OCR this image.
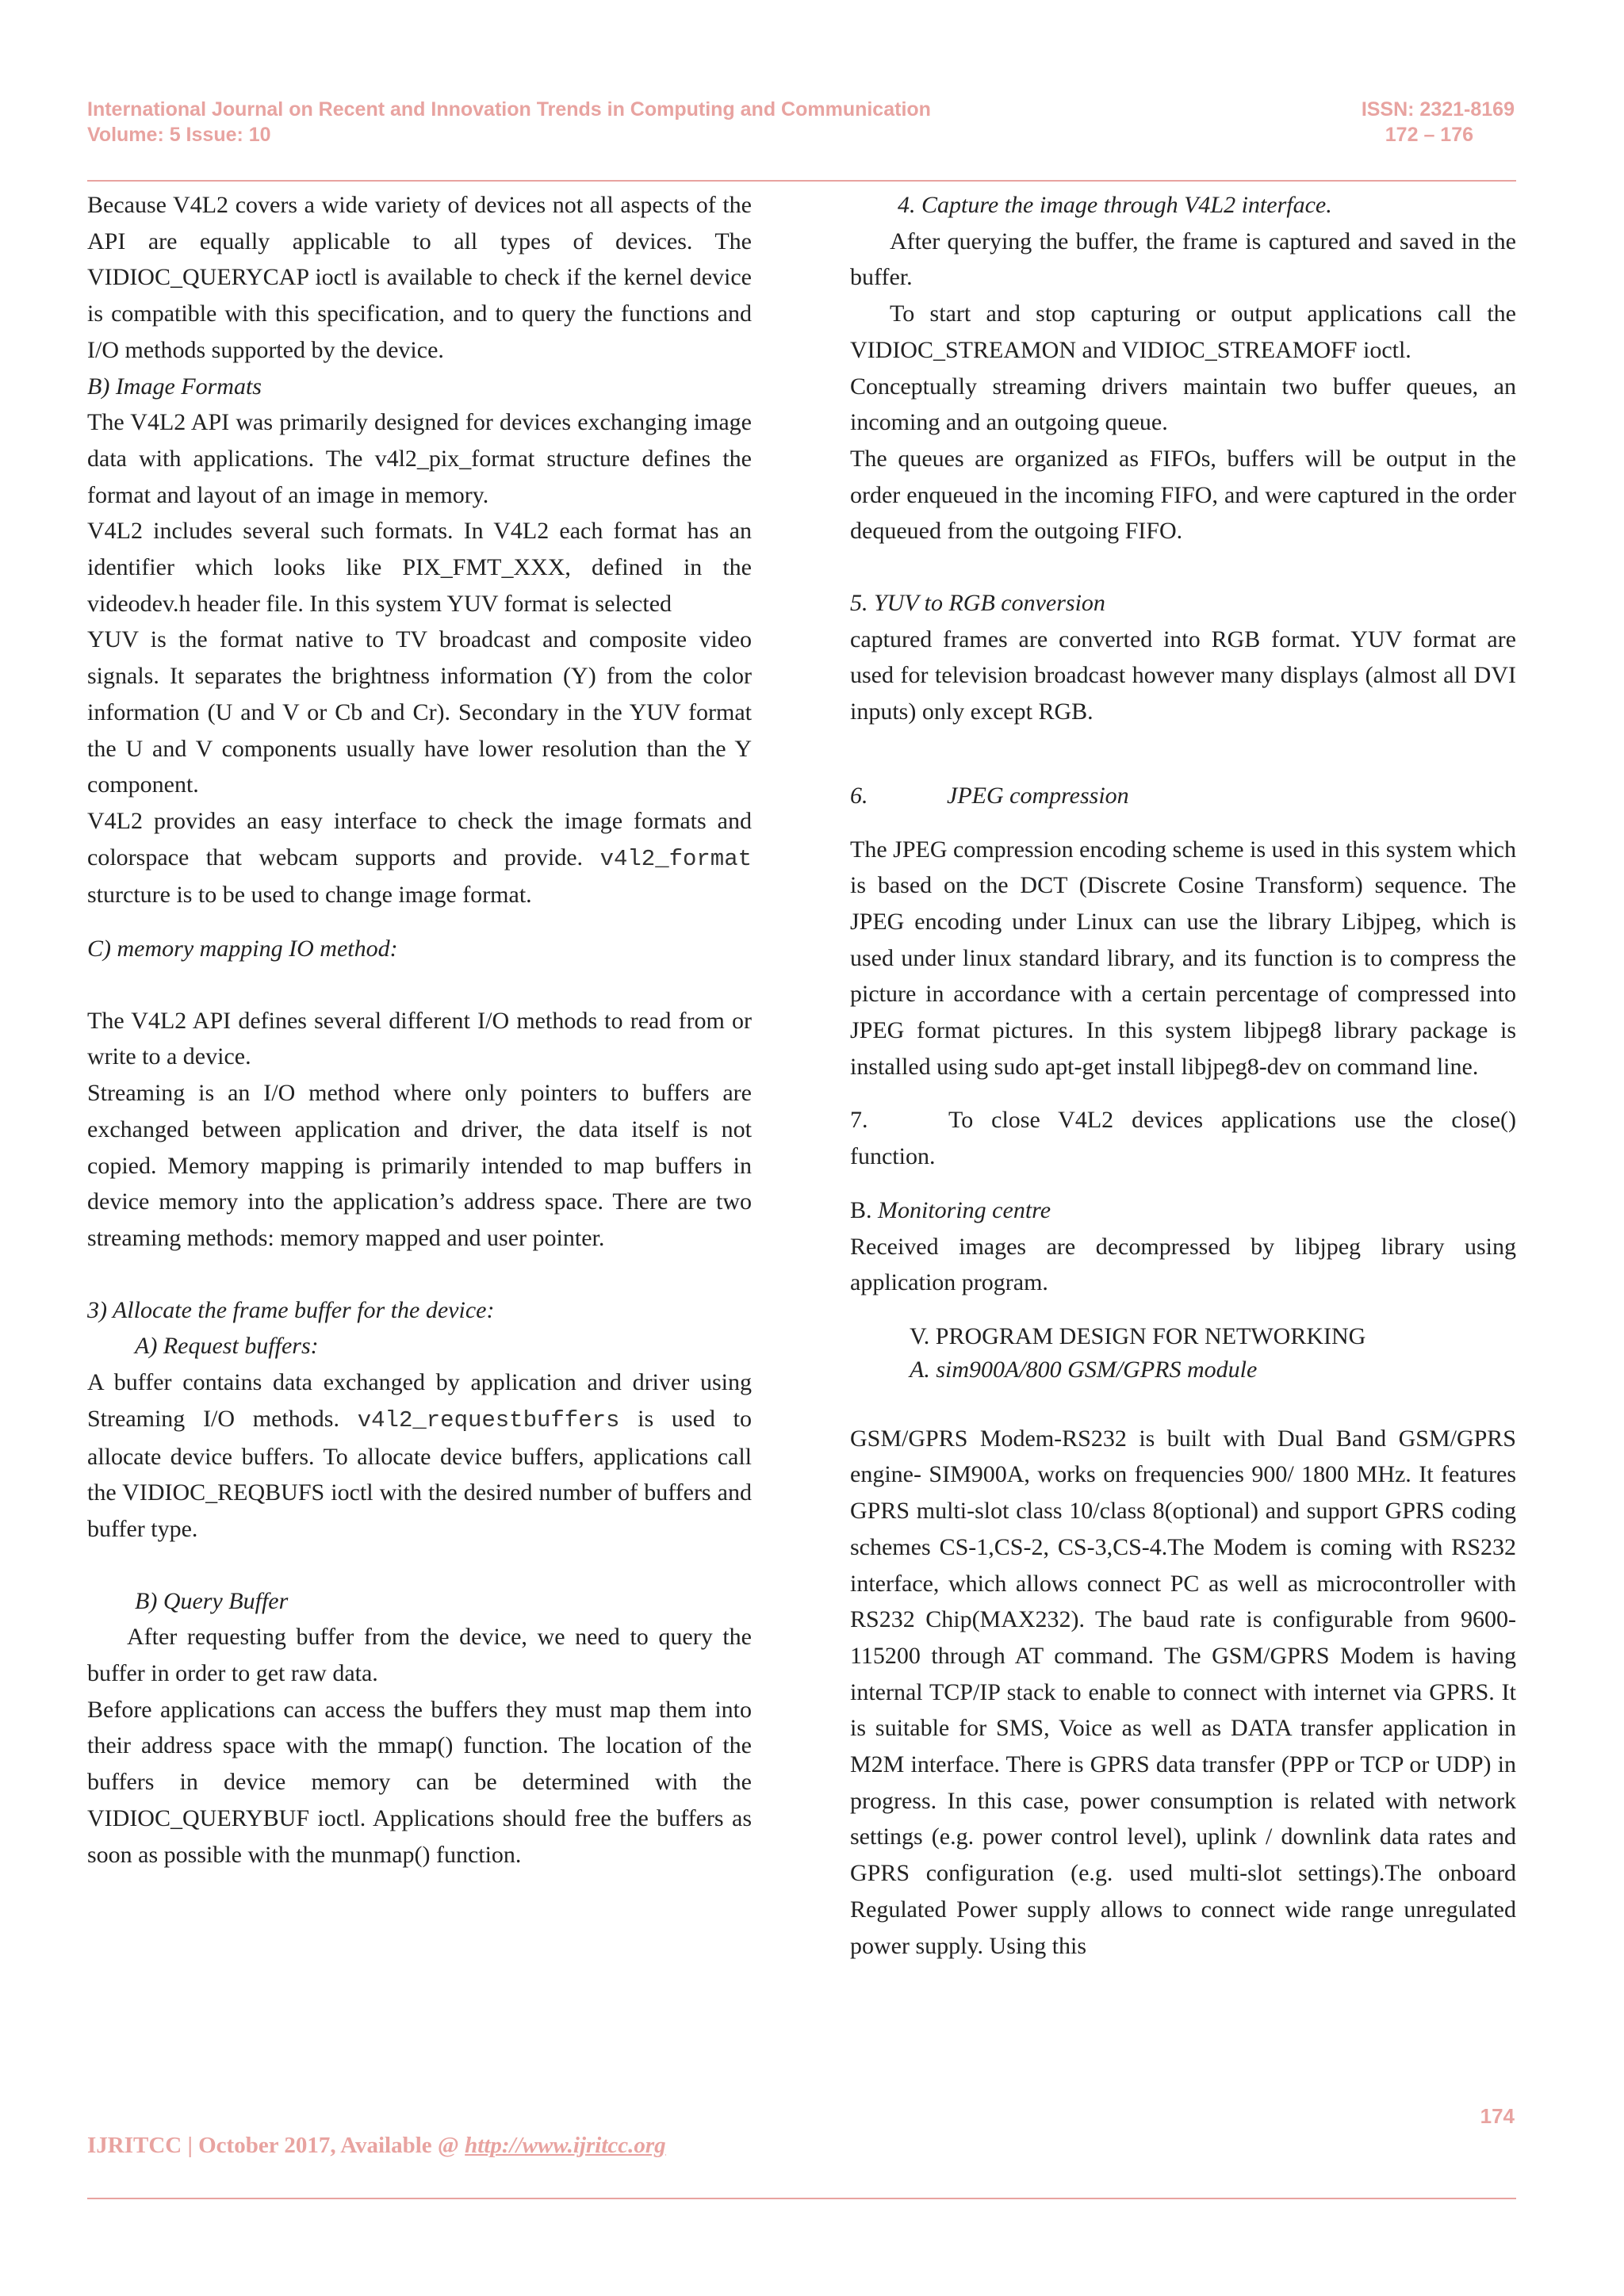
International Journal on Recent and Innovation Trends in Computing and Communication
Volume: 5 Issue: 10
ISSN: 2321-8169
172 – 176

Because V4L2 covers a wide variety of devices not all aspects of the API are equally applicable to all types of devices. The VIDIOC_QUERYCAP ioctl is available to check if the kernel device is compatible with this specification, and to query the functions and I/O methods supported by the device.

B) Image Formats

The V4L2 API was primarily designed for devices exchanging image data with applications. The v4l2_pix_format structure defines the format and layout of an image in memory.

V4L2 includes several such formats. In V4L2 each format has an identifier which looks like PIX_FMT_XXX, defined in the videodev.h header file. In this system YUV format is selected

YUV is the format native to TV broadcast and composite video signals. It separates the brightness information (Y) from the color information (U and V or Cb and Cr). Secondary in the YUV format the U and V components usually have lower resolution than the Y component.

V4L2 provides an easy interface to check the image formats and colorspace that webcam supports and provide. v4l2_format sturcture is to be used to change image format.

C) memory mapping IO method:

The V4L2 API defines several different I/O methods to read from or write to a device.

Streaming is an I/O method where only pointers to buffers are exchanged between application and driver, the data itself is not copied. Memory mapping is primarily intended to map buffers in device memory into the application’s address space. There are two streaming methods: memory mapped and user pointer.

3) Allocate the frame buffer for the device:

A) Request buffers:

A buffer contains data exchanged by application and driver using Streaming I/O methods. v4l2_requestbuffers is used to allocate device buffers. To allocate device buffers, applications call the VIDIOC_REQBUFS ioctl with the desired number of buffers and buffer type.

B) Query Buffer

After requesting buffer from the device, we need to query the buffer in order to get raw data.

Before applications can access the buffers they must map them into their address space with the mmap() function. The location of the buffers in device memory can be determined with the VIDIOC_QUERYBUF ioctl. Applications should free the buffers as soon as possible with the munmap() function.

4. Capture the image through V4L2 interface.

After querying the buffer, the frame is captured and saved in the buffer.

To start and stop capturing or output applications call the VIDIOC_STREAMON and VIDIOC_STREAMOFF ioctl.

Conceptually streaming drivers maintain two buffer queues, an incoming and an outgoing queue.

The queues are organized as FIFOs, buffers will be output in the order enqueued in the incoming FIFO, and were captured in the order dequeued from the outgoing FIFO.

5. YUV to RGB conversion

captured frames are converted into RGB format. YUV format are used for television broadcast however many displays (almost all DVI inputs) only except RGB.

6.	JPEG compression

The JPEG compression encoding scheme is used in this system which is based on the DCT (Discrete Cosine Transform) sequence. The JPEG encoding under Linux can use the library Libjpeg, which is used under linux standard library, and its function is to compress the picture in accordance with a certain percentage of compressed into JPEG format pictures. In this system libjpeg8 library package is installed using sudo apt-get install libjpeg8-dev on command line.

7.	To close V4L2 devices applications use the close() function.

B. Monitoring centre

Received images are decompressed by libjpeg library using application program.

V. PROGRAM DESIGN FOR NETWORKING

A. sim900A/800 GSM/GPRS module

GSM/GPRS Modem-RS232 is built with Dual Band GSM/GPRS engine- SIM900A, works on frequencies 900/ 1800 MHz. It features GPRS multi-slot class 10/class 8(optional) and support GPRS coding schemes CS-1,CS-2, CS-3,CS-4.The Modem is coming with RS232 interface, which allows connect PC as well as microcontroller with RS232 Chip(MAX232). The baud rate is configurable from 9600-115200 through AT command. The GSM/GPRS Modem is having internal TCP/IP stack to enable to connect with internet via GPRS. It is suitable for SMS, Voice as well as DATA transfer application in M2M interface. There is GPRS data transfer (PPP or TCP or UDP) in progress. In this case, power consumption is related with network settings (e.g. power control level), uplink / downlink data rates and GPRS configuration (e.g. used multi-slot settings).The onboard Regulated Power supply allows to connect wide range unregulated power supply. Using this

174
IJRITCC | October 2017, Available @ http://www.ijritcc.org
